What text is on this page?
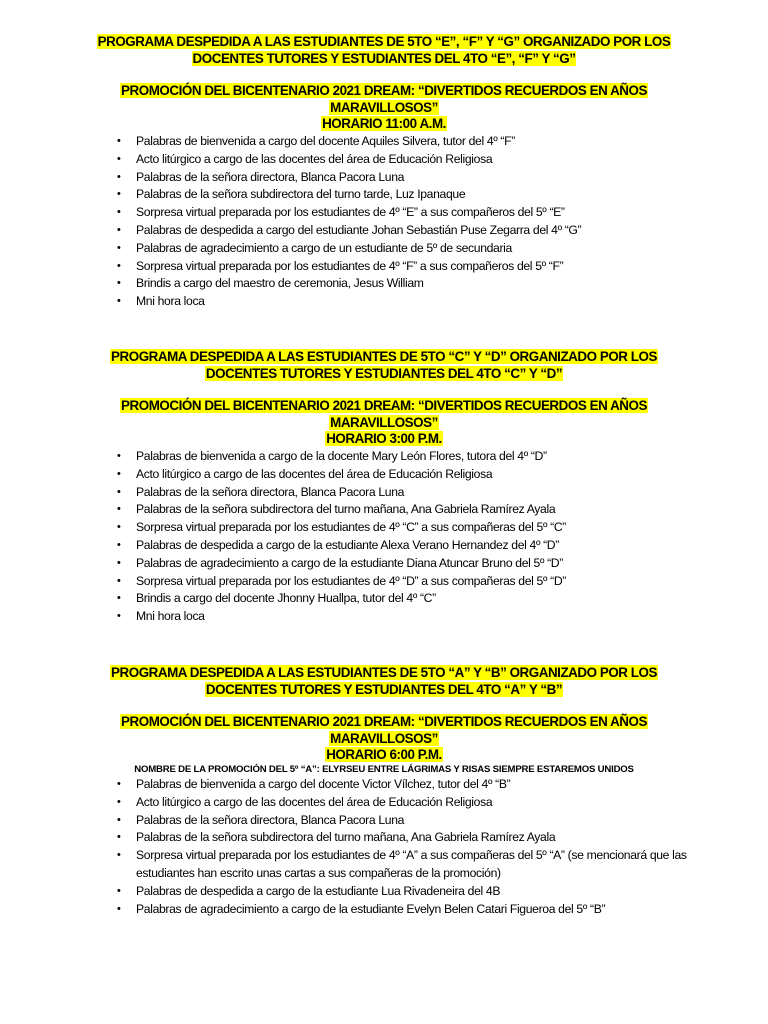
PROGRAMA DESPEDIDA A LAS ESTUDIANTES DE 5TO “E”, “F” Y “G” ORGANIZADO POR LOS
DOCENTES TUTORES Y ESTUDIANTES DEL 4TO “E”, “F” Y “G”
PROMOCIÓN DEL BICENTENARIO 2021 DREAM: “DIVERTIDOS RECUERDOS EN AÑOS
MARAVILLOSOS”
HORARIO 11:00 A.M.
• Palabras de bienvenida a cargo del docente Aquiles Silvera, tutor del 4º “F”
• Acto litúrgico a cargo de las docentes del área de Educación Religiosa
• Palabras de la señora directora, Blanca Pacora Luna
• Palabras de la señora subdirectora del turno tarde, Luz Ipanaque
• Sorpresa virtual preparada por los estudiantes de 4º “E” a sus compañeros del 5º “E”
• Palabras de despedida a cargo del estudiante Johan Sebastián Puse Zegarra del 4º “G”
• Palabras de agradecimiento a cargo de un estudiante de 5º de secundaria
• Sorpresa virtual preparada por los estudiantes de 4º “F” a sus compañeros del 5º “F”
• Brindis a cargo del maestro de ceremonia, Jesus William
• Mni hora loca
PROGRAMA DESPEDIDA A LAS ESTUDIANTES DE 5TO “C” Y “D” ORGANIZADO POR LOS
DOCENTES TUTORES Y ESTUDIANTES DEL 4TO “C” Y “D”
PROMOCIÓN DEL BICENTENARIO 2021 DREAM: “DIVERTIDOS RECUERDOS EN AÑOS
MARAVILLOSOS”
HORARIO 3:00 P.M.
• Palabras de bienvenida a cargo de la docente Mary León Flores, tutora del 4º “D”
• Acto litúrgico a cargo de las docentes del área de Educación Religiosa
• Palabras de la señora directora, Blanca Pacora Luna
• Palabras de la señora subdirectora del turno mañana, Ana Gabriela Ramírez Ayala
• Sorpresa virtual preparada por los estudiantes de 4º “C” a sus compañeras del 5º “C”
• Palabras de despedida a cargo de la estudiante Alexa Verano Hernandez del 4º “D”
• Palabras de agradecimiento a cargo de la estudiante Diana Atuncar Bruno del 5º “D”
• Sorpresa virtual preparada por los estudiantes de 4º “D” a sus compañeras del 5º “D”
• Brindis a cargo del docente Jhonny Huallpa, tutor del 4º “C”
• Mni hora loca
PROGRAMA DESPEDIDA A LAS ESTUDIANTES DE 5TO “A” Y “B” ORGANIZADO POR LOS
DOCENTES TUTORES Y ESTUDIANTES DEL 4TO “A” Y “B”
PROMOCIÓN DEL BICENTENARIO 2021 DREAM: “DIVERTIDOS RECUERDOS EN AÑOS
MARAVILLOSOS”
HORARIO 6:00 P.M.
NOMBRE DE LA PROMOCIÓN DEL 5º “A”: ELYRSEU ENTRE LÁGRIMAS Y RISAS SIEMPRE ESTAREMOS UNIDOS
• Palabras de bienvenida a cargo del docente Victor Vílchez, tutor del 4º “B”
• Acto litúrgico a cargo de las docentes del área de Educación Religiosa
• Palabras de la señora directora, Blanca Pacora Luna
• Palabras de la señora subdirectora del turno mañana, Ana Gabriela Ramírez Ayala
• Sorpresa virtual preparada por los estudiantes de 4º “A” a sus compañeras del 5º “A” (se mencionará que las estudiantes han escrito unas cartas a sus compañeras de la promoción)
• Palabras de despedida a cargo de la estudiante Lua Rivadeneira del 4B
• Palabras de agradecimiento a cargo de la estudiante Evelyn Belen Catari Figueroa del 5º “B”
